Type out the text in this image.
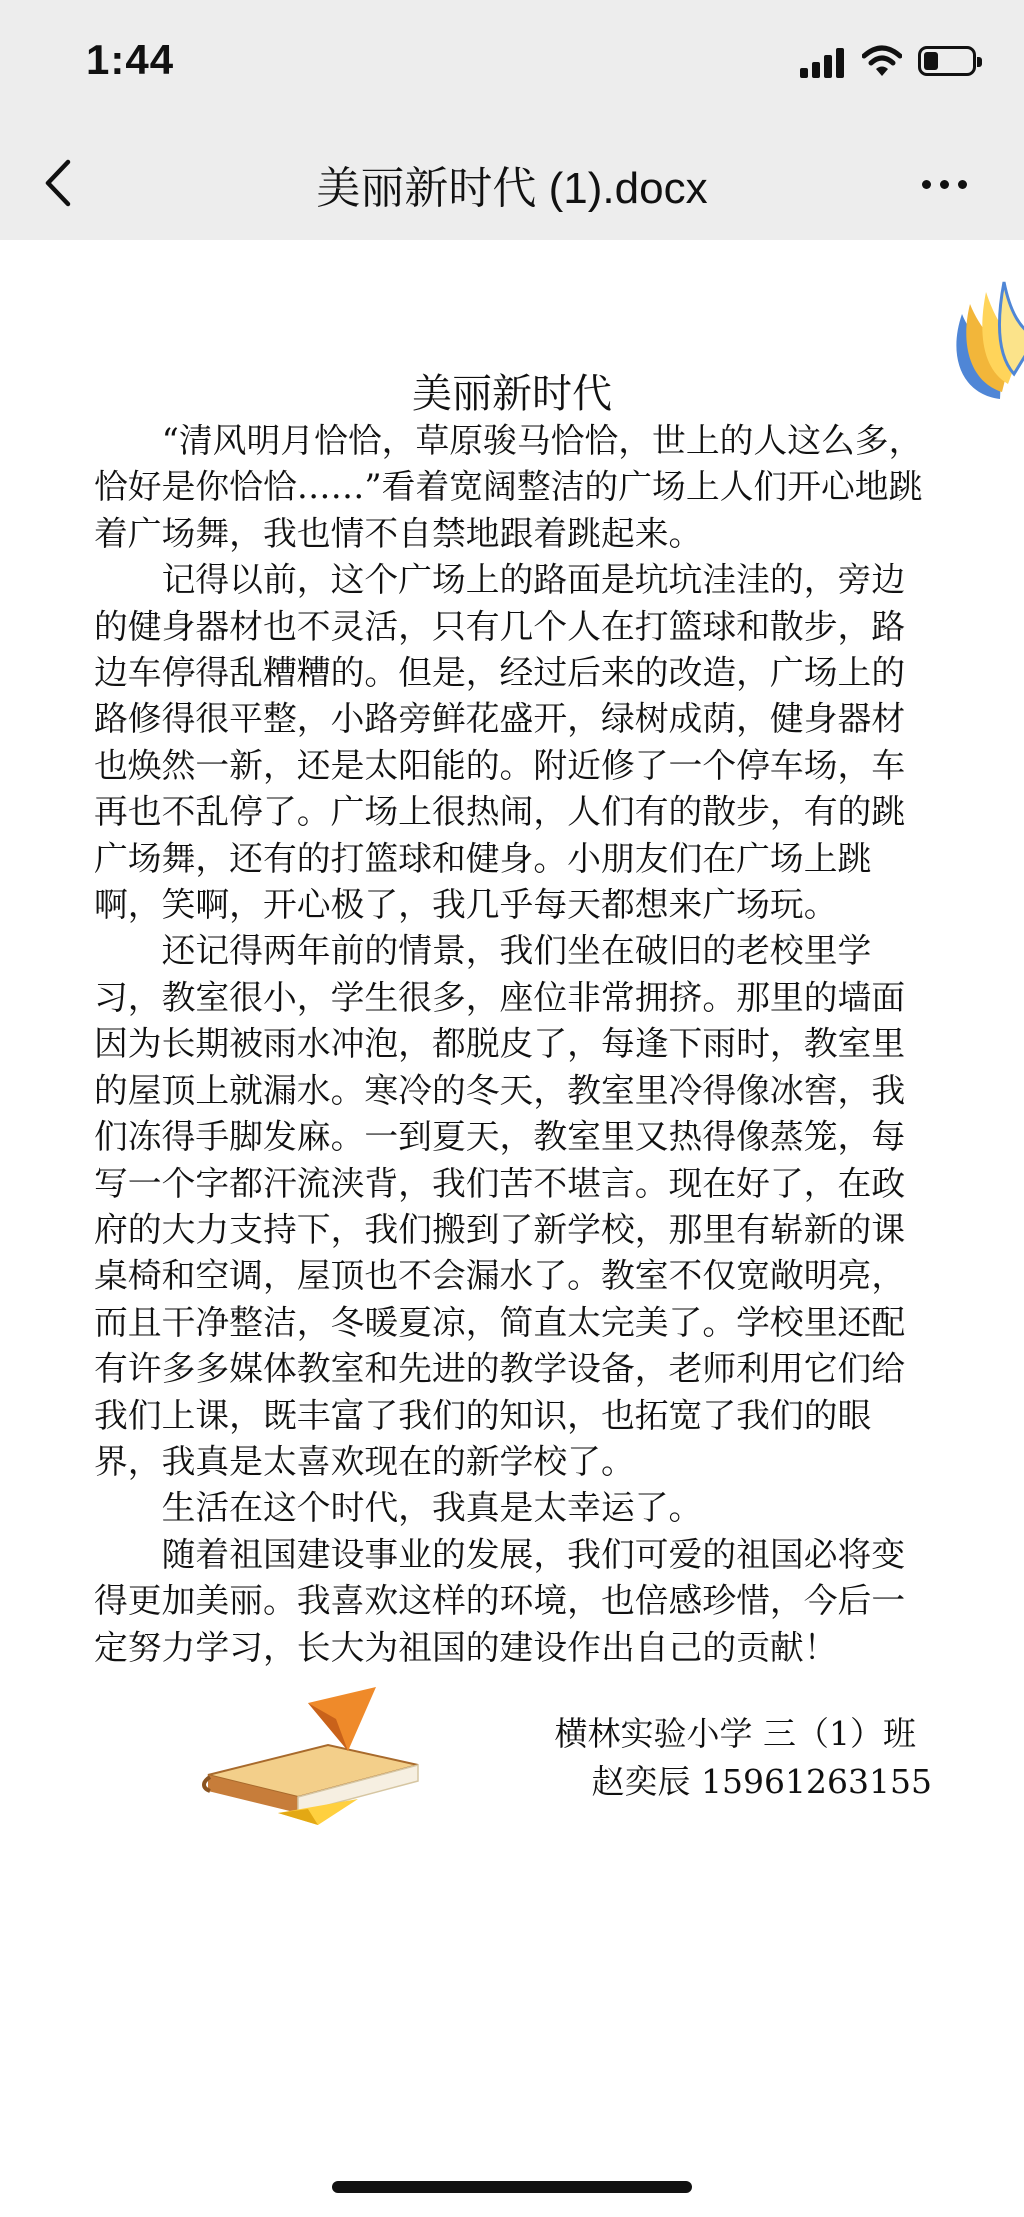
1:44
美丽新时代 (1).docx
美丽新时代

“清风明月恰恰，草原骏马恰恰，世上的人这么多，恰好是你恰恰……”看着宽阔整洁的广场上人们开心地跳着广场舞，我也情不自禁地跟着跳起来。

记得以前，这个广场上的路面是坑坑洼洼的，旁边的健身器材也不灵活，只有几个人在打篮球和散步，路边车停得乱糟糟的。但是，经过后来的改造，广场上的路修得很平整，小路旁鲜花盛开，绿树成荫，健身器材也焕然一新，还是太阳能的。附近修了一个停车场，车再也不乱停了。广场上很热闹，人们有的散步，有的跳广场舞，还有的打篮球和健身。小朋友们在广场上跳啊，笑啊，开心极了，我几乎每天都想来广场玩。

还记得两年前的情景，我们坐在破旧的老校里学习，教室很小，学生很多，座位非常拥挤。那里的墙面因为长期被雨水冲泡，都脱皮了，每逢下雨时，教室里的屋顶上就漏水。寒冷的冬天，教室里冷得像冰窖，我们冻得手脚发麻。一到夏天，教室里又热得像蒸笼，每写一个字都汗流浃背，我们苦不堪言。现在好了，在政府的大力支持下，我们搬到了新学校，那里有崭新的课桌椅和空调，屋顶也不会漏水了。教室不仅宽敞明亮，而且干净整洁，冬暖夏凉，简直太完美了。学校里还配有许多多媒体教室和先进的教学设备，老师利用它们给我们上课，既丰富了我们的知识，也拓宽了我们的眼界，我真是太喜欢现在的新学校了。

生活在这个时代，我真是太幸运了。

随着祖国建设事业的发展，我们可爱的祖国必将变得更加美丽。我喜欢这样的环境，也倍感珍惜，今后一定努力学习，长大为祖国的建设作出自己的贡献！

横林实验小学 三（1）班
赵奕辰 15961263155
